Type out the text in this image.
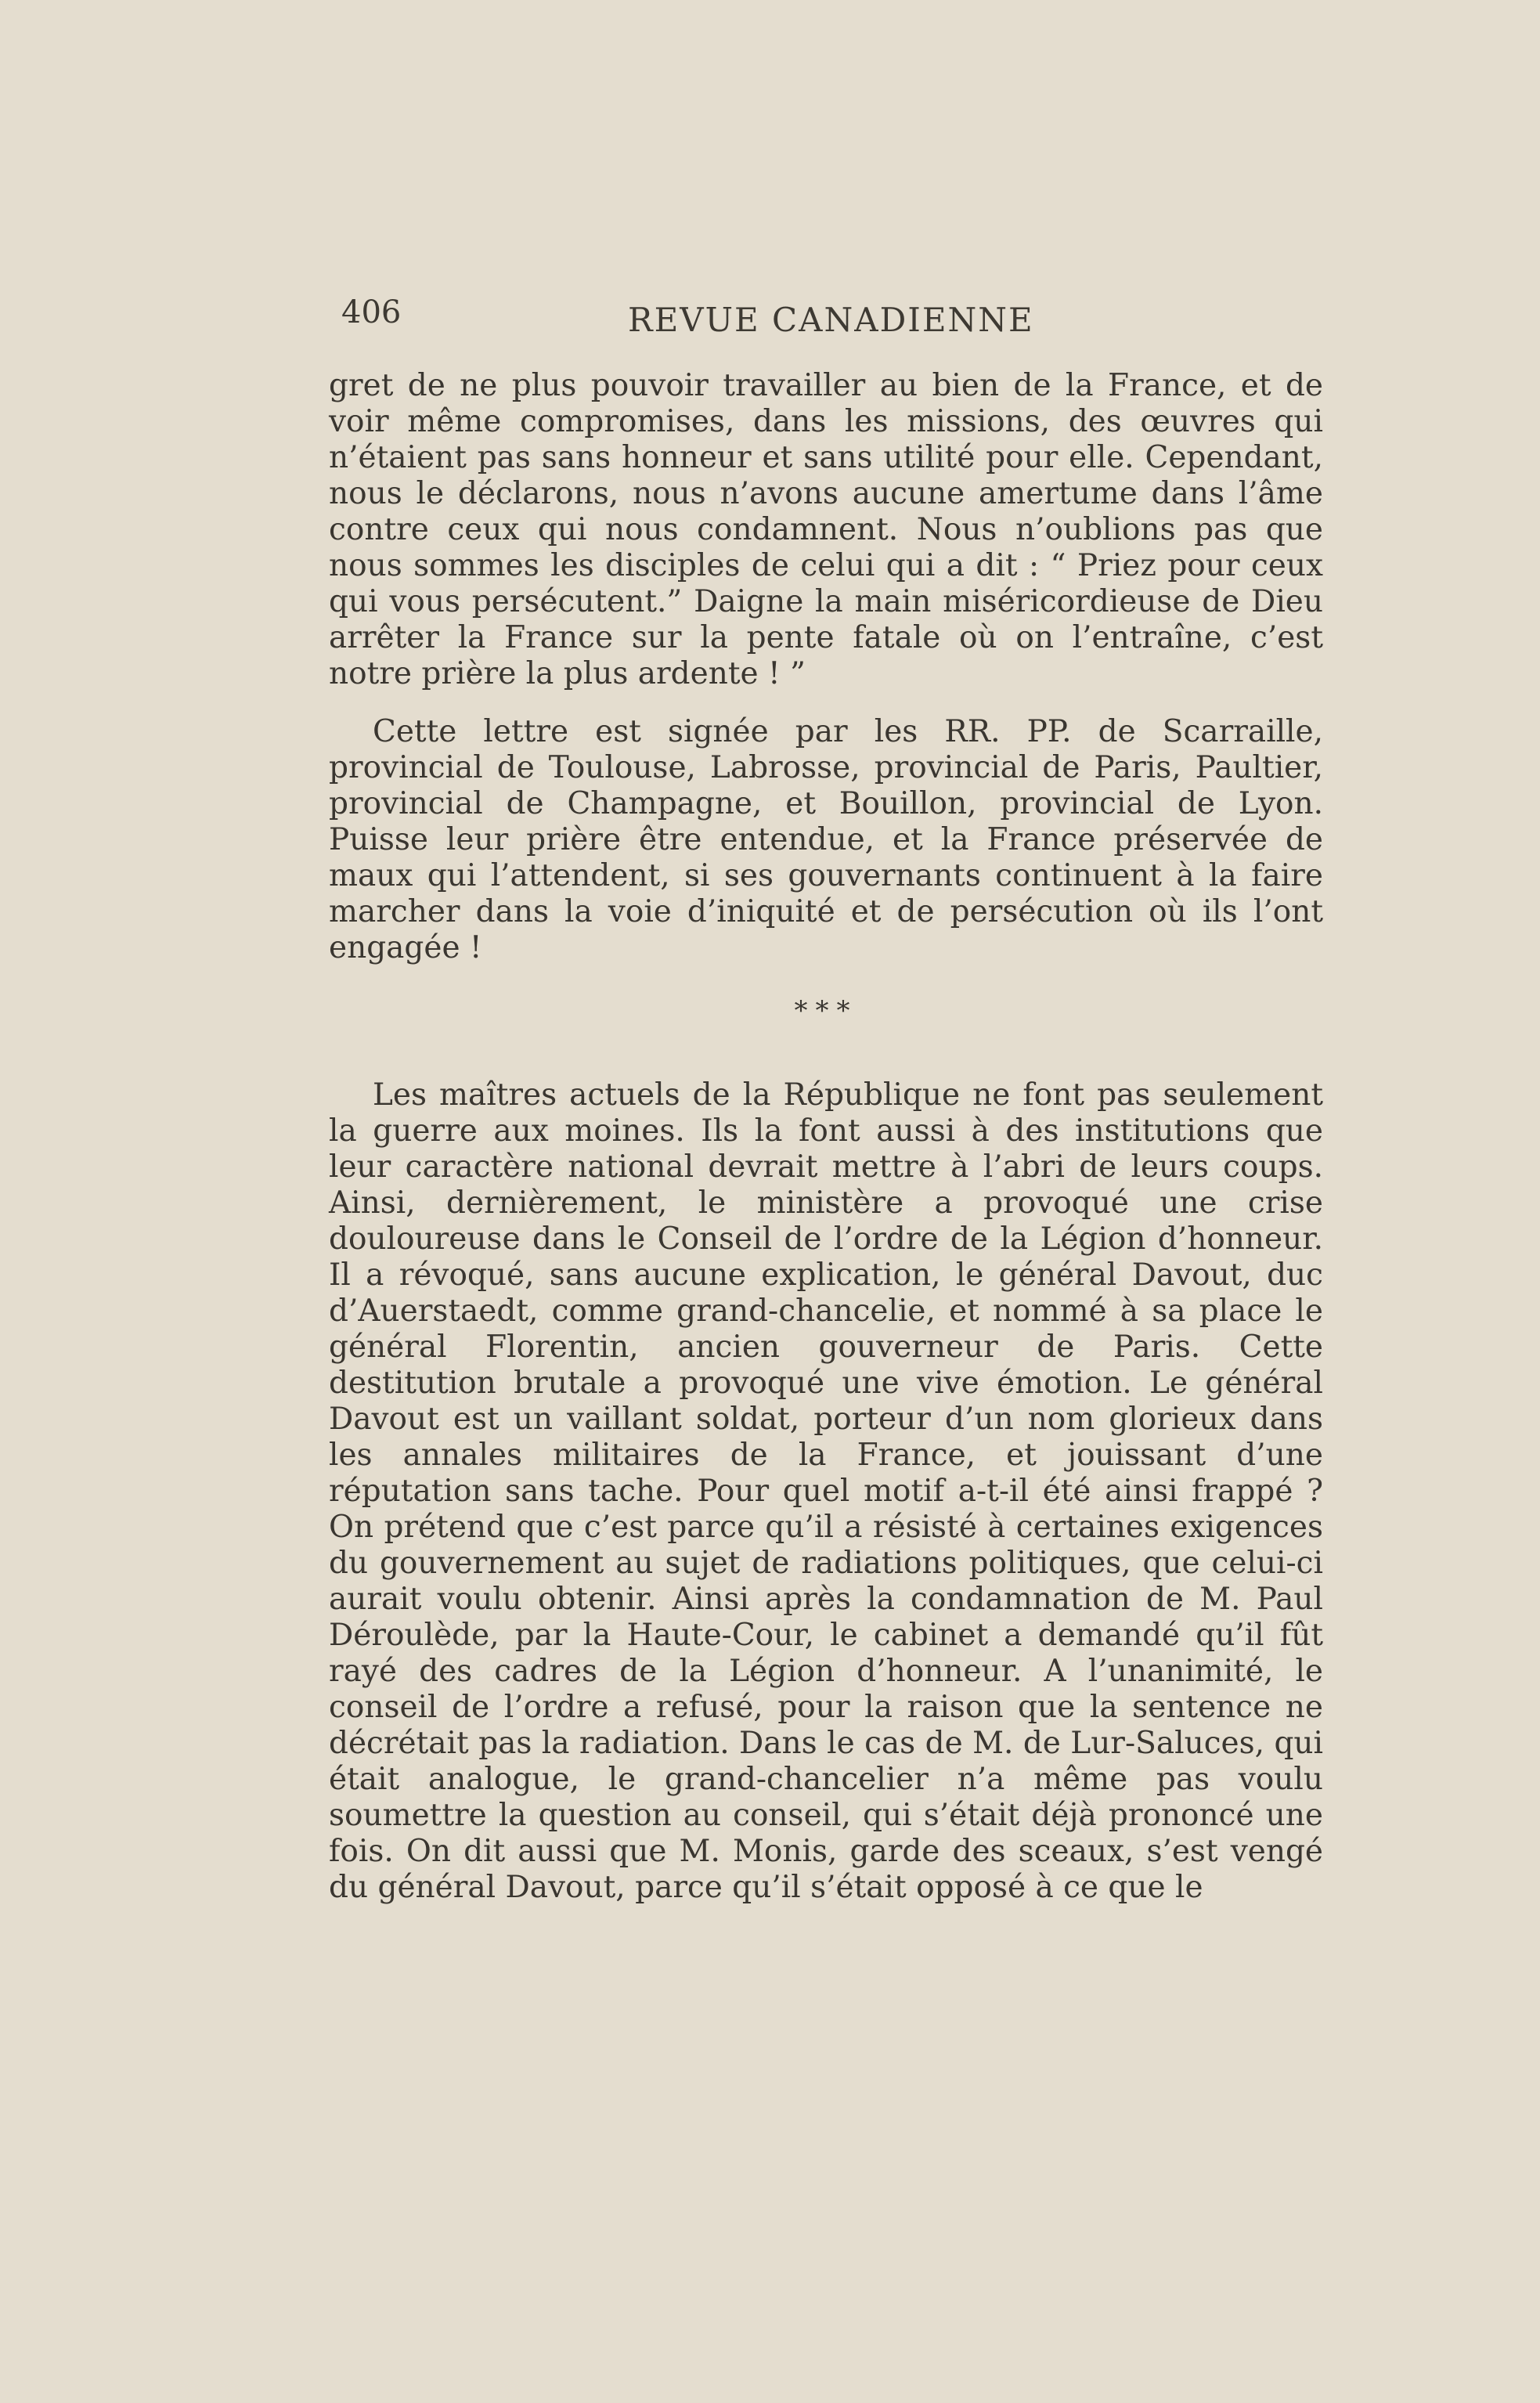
406	REVUE CANADIENNE

gret de ne plus pouvoir travailler au bien de la France, et de voir même compromises, dans les missions, des œuvres qui n’étaient pas sans honneur et sans utilité pour elle. Cependant, nous le déclarons, nous n’avons aucune amertume dans l’âme contre ceux qui nous condamnent. Nous n’oublions pas que nous sommes les disciples de celui qui a dit : “ Priez pour ceux qui vous persécutent.” Daigne la main miséricordieuse de Dieu arrêter la France sur la pente fatale où on l’entraîne, c’est notre prière la plus ardente ! ”

Cette lettre est signée par les RR. PP. de Scarraille, provincial de Toulouse, Labrosse, provincial de Paris, Paultier, provincial de Champagne, et Bouillon, provincial de Lyon. Puisse leur prière être entendue, et la France préservée de maux qui l’attendent, si ses gouvernants continuent à la faire marcher dans la voie d’iniquité et de persécution où ils l’ont engagée !

***

Les maîtres actuels de la République ne font pas seulement la guerre aux moines. Ils la font aussi à des institutions que leur caractère national devrait mettre à l’abri de leurs coups. Ainsi, dernièrement, le ministère a provoqué une crise douloureuse dans le Conseil de l’ordre de la Légion d’honneur. Il a révoqué, sans aucune explication, le général Davout, duc d’Auerstaedt, comme grand-chancelie, et nommé à sa place le général Florentin, ancien gouverneur de Paris. Cette destitution brutale a provoqué une vive émotion. Le général Davout est un vaillant soldat, porteur d’un nom glorieux dans les annales militaires de la France, et jouissant d’une réputation sans tache. Pour quel motif a-t-il été ainsi frappé ? On prétend que c’est parce qu’il a résisté à certaines exigences du gouvernement au sujet de radiations politiques, que celui-ci aurait voulu obtenir. Ainsi après la condamnation de M. Paul Déroulède, par la Haute-Cour, le cabinet a demandé qu’il fût rayé des cadres de la Légion d’honneur. A l’unanimité, le conseil de l’ordre a refusé, pour la raison que la sentence ne décrétait pas la radiation. Dans le cas de M. de Lur-Saluces, qui était analogue, le grand-chancelier n’a même pas voulu soumettre la question au conseil, qui s’était déjà prononcé une fois. On dit aussi que M. Monis, garde des sceaux, s’est vengé du général Davout, parce qu’il s’était opposé à ce que le
